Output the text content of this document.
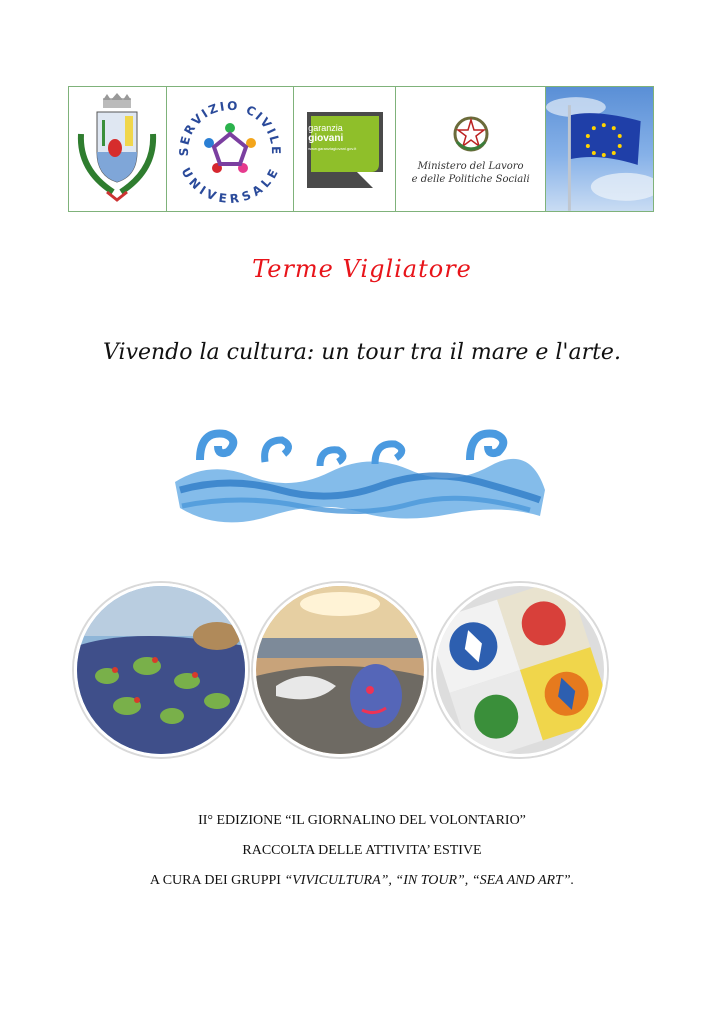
SERVIZIO CIVILE
UNIVERSALE
garanzia
giovani
www.garanziagiovani.gov.it
Ministero del Lavoro
e delle Politiche Sociali
Terme Vigliatore
Vivendo la cultura: un tour tra il mare e l'arte.
II° EDIZIONE “IL GIORNALINO DEL VOLONTARIO”
RACCOLTA DELLE ATTIVITA’ ESTIVE
A CURA DEI GRUPPI “VIVICULTURA”, “IN TOUR”, “SEA AND ART”.
